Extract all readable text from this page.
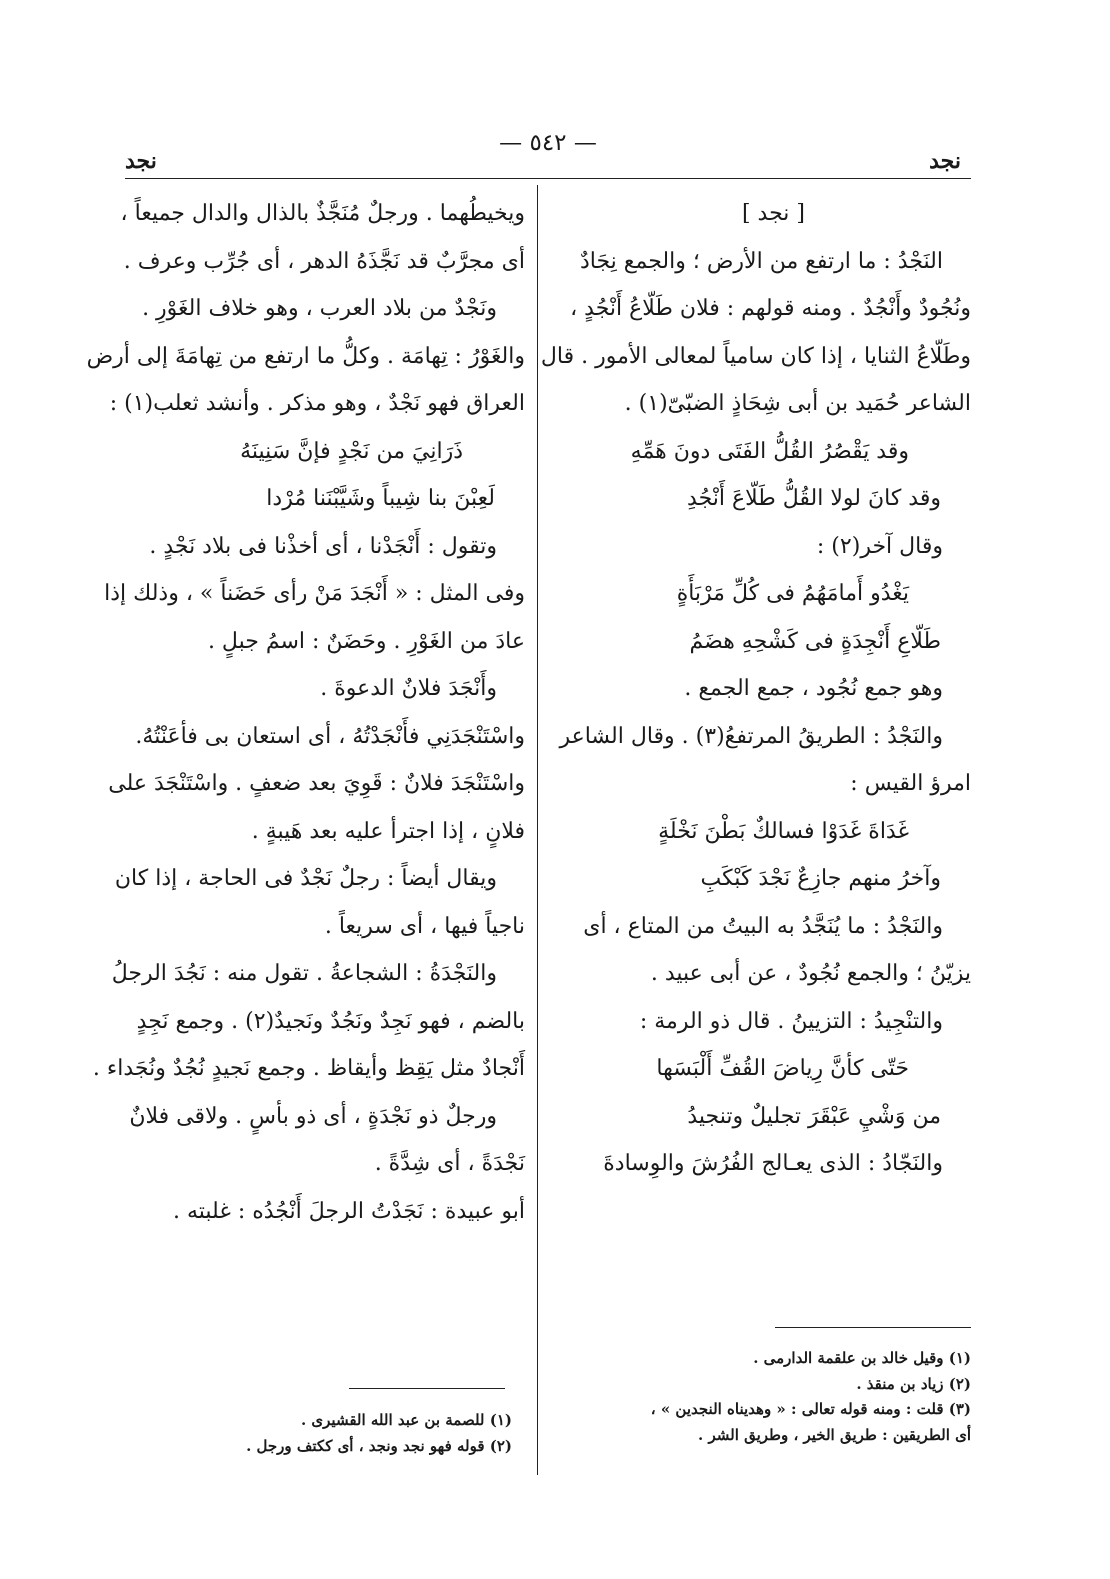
نجد
— ٥٤٢ —
نجد
[ نجد ]
النَجْدُ : ما ارتفع من الأرض ؛ والجمع نِجَادٌ
ونُجُودٌ وأَنْجُدٌ . ومنه قولهم : فلان طَلّاعُ أَنْجُدٍ ،
وطَلّاعُ الثنايا ، إذا كان سامياً لمعالى الأمور . قال
الشاعر حُمَيد بن أبى شِحَاذٍ الضبّىّ(١) .
وقد يَقْصُرُ القُلُّ الفَتَى دونَ هَمِّهِ
وقد كانَ لولا القُلُّ طَلّاعَ أَنْجُدِ
وقال آخر(٢) :
يَغْدُو أَمامَهُمُ فى كُلِّ مَرْبَأَةٍ
طَلّاعِ أَنْجِدَةٍ فى كَشْحِهِ هضَمُ
وهو جمع نُجُود ، جمع الجمع .
والنَجْدُ : الطريقُ المرتفعُ(٣) . وقال الشاعر
امرؤ القيس :
غَدَاةَ غَدَوْا فسالكٌ بَطْنَ نَخْلَةٍ
وآخرُ منهم جازِعٌ نَجْدَ كَبْكَبِ
والنَجْدُ : ما يُنَجَّدُ به البيتُ من المتاع ، أى
يزيّنُ ؛ والجمع نُجُودٌ ، عن أبى عبيد .
والتنْجِيدُ : التزيينُ . قال ذو الرمة :
حَتّى كأنَّ رِياضَ القُفِّ أَلْبَسَها
من وَشْيِ عَبْقَرَ تجليلٌ وتنجيدُ
والنَجّادُ : الذى يعـالج الفُرُشَ والوِسادةَ
(١) وقيل خالد بن علقمة الدارمى .
(٢) زياد بن منقذ .
(٣) قلت : ومنه قوله تعالى : « وهديناه النجدين » ،
أى الطريقين : طريق الخير ، وطريق الشر .
ويخيطُهما . ورجلٌ مُنَجَّذٌ بالذال والدال جميعاً ،
أى مجرَّبٌ قد نَجَّذَهُ الدهر ، أى جُرِّب وعرف .
ونَجْدٌ من بلاد العرب ، وهو خلاف الغَوْرِ .
والغَوْرُ : تِهامَة . وكلُّ ما ارتفع من تِهامَةَ إلى أرض
العراق فهو نَجْدٌ ، وهو مذكر . وأنشد ثعلب(١) :
ذَرَانِيَ من نَجْدٍ فإنَّ سَنِينَهُ
لَعِبْنَ بنا شِيباً وشَيَّبْنَنا مُرْدا
وتقول : أَنْجَدْنا ، أى أخذْنا فى بلاد نَجْدٍ .
وفى المثل : « أَنْجَدَ مَنْ رأى حَضَناً » ، وذلك إذا
عادَ من الغَوْرِ . وحَضَنٌ : اسمُ جبلٍ .
وأَنْجَدَ فلانٌ الدعوةَ .
واسْتَنْجَدَنِي فأَنْجَدْتُهُ ، أى استعان بى فأعَنْتُهُ.
واسْتَنْجَدَ فلانٌ : قَوِيَ بعد ضعفٍ . واسْتَنْجَدَ على
فلانٍ ، إذا اجترأ عليه بعد هَيبةٍ .
ويقال أيضاً : رجلٌ نَجْدٌ فى الحاجة ، إذا كان
ناجياً فيها ، أى سريعاً .
والنَجْدَةُ : الشجاعةُ . تقول منه : نَجُدَ الرجلُ
بالضم ، فهو نَجِدٌ ونَجُدٌ ونَجيدٌ(٢) . وجمع نَجِدٍ
أَنْجادٌ مثل يَقِظ وأيقاظ . وجمع نَجيدٍ نُجُدٌ ونُجَداء .
ورجلٌ ذو نَجْدَةٍ ، أى ذو بأسٍ . ولاقى فلانٌ
نَجْدَةً ، أى شِدَّةً .
أبو عبيدة : نَجَدْتُ الرجلَ أَنْجُدُه : غلبته .
(١) للصمة بن عبد الله القشيرى .
(٢) قوله فهو نجد ونجد ، أى ككتف ورجل .
